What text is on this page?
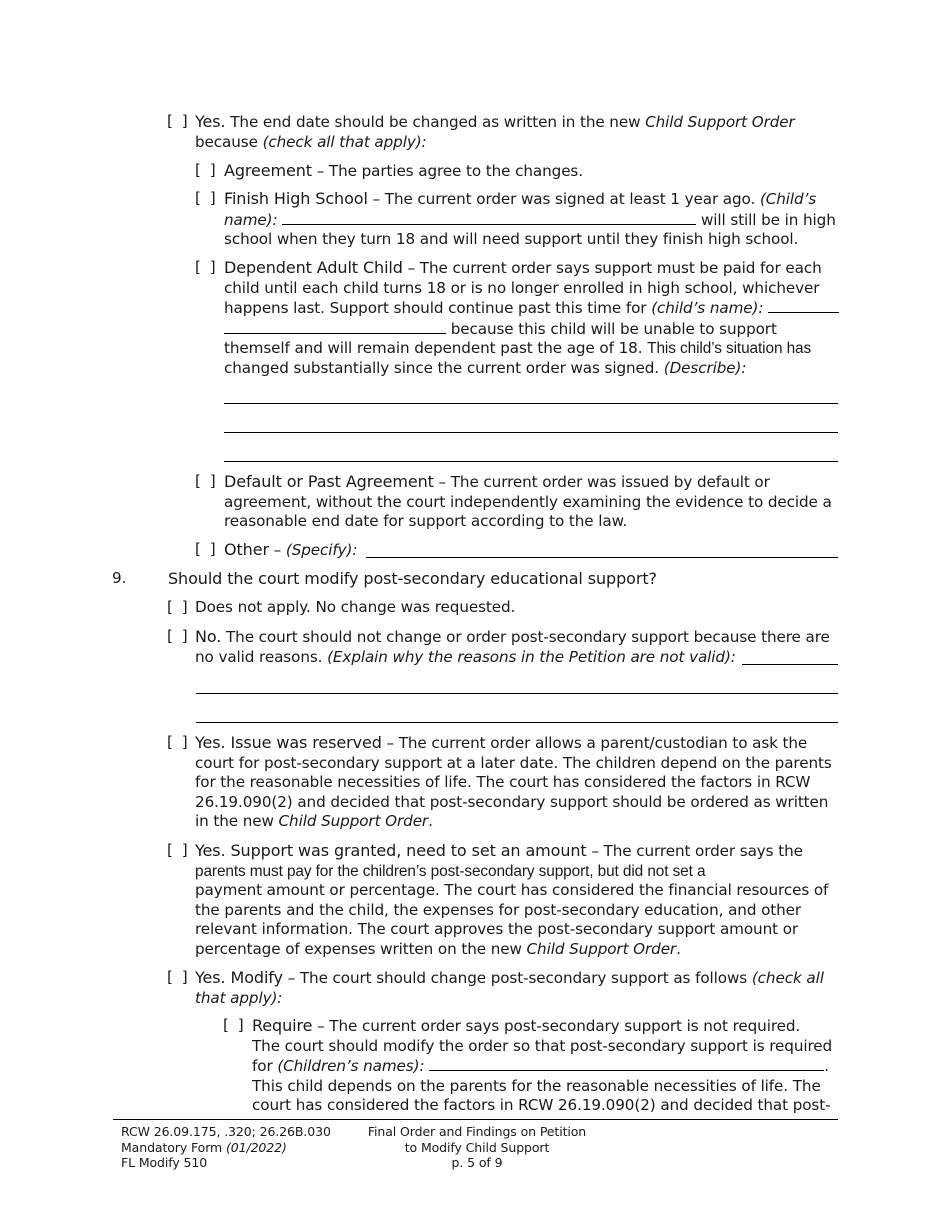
[ ] Yes. The end date should be changed as written in the new Child Support Order
because (check all that apply):
[ ] Agreement – The parties agree to the changes.
[ ] Finish High School – The current order was signed at least 1 year ago. (Child’s name):	will still be in high school when they turn 18 and will need support until they finish high school.
[ ] Dependent Adult Child – The current order says support must be paid for each
child until each child turns 18 or is no longer enrolled in high school, whichever
happens last. Support should continue past this time for (child’s name):
because this child will be unable to support
themself and will remain dependent past the age of 18. This child’s situation has
changed substantially since the current order was signed. (Describe):
[ ] Default or Past Agreement – The current order was issued by default or
agreement, without the court independently examining the evidence to decide a
reasonable end date for support according to the law.
[ ] Other – (Specify):
9.	Should the court modify post-secondary educational support?
[ ] Does not apply. No change was requested.
[ ] No. The court should not change or order post-secondary support because there are
no valid reasons. (Explain why the reasons in the Petition are not valid):
[ ] Yes. Issue was reserved – The current order allows a parent/custodian to ask the
court for post-secondary support at a later date. The children depend on the parents
for the reasonable necessities of life. The court has considered the factors in RCW
26.19.090(2) and decided that post-secondary support should be ordered as written
in the new Child Support Order.
[ ] Yes. Support was granted, need to set an amount – The current order says the
parents must pay for the children’s post-secondary support, but did not set a
payment amount or percentage. The court has considered the financial resources of
the parents and the child, the expenses for post-secondary education, and other
relevant information. The court approves the post-secondary support amount or
percentage of expenses written on the new Child Support Order.
[ ] Yes. Modify – The court should change post-secondary support as follows (check all
that apply):
[ ] Require – The current order says post-secondary support is not required.
The court should modify the order so that post-secondary support is required
for (Children’s names):	.
This child depends on the parents for the reasonable necessities of life. The
court has considered the factors in RCW 26.19.090(2) and decided that post-
RCW 26.09.175, .320; 26.26B.030
Mandatory Form (01/2022)
FL Modify 510
Final Order and Findings on Petition
to Modify Child Support
p. 5 of 9
